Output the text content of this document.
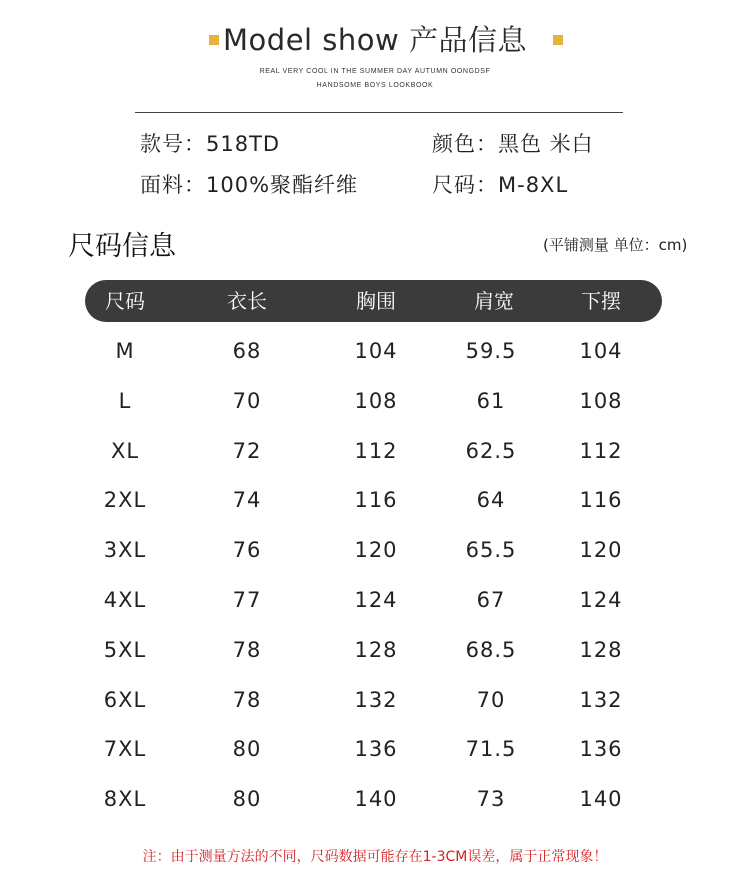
Model show 产品信息
REAL VERY COOL IN THE SUMMER DAY AUTUMN OONGDSF
HANDSOME BOYS LOOKBOOK
款号：518TD	颜色：黑色 米白
面料：100%聚酯纤维	尺码：M-8XL
尺码信息	(平铺测量 单位：cm)
尺码	衣长	胸围	肩宽	下摆
M	68	104	59.5	104
L	70	108	61	108
XL	72	112	62.5	112
2XL	74	116	64	116
3XL	76	120	65.5	120
4XL	77	124	67	124
5XL	78	128	68.5	128
6XL	78	132	70	132
7XL	80	136	71.5	136
8XL	80	140	73	140
注：由于测量方法的不同，尺码数据可能存在1-3CM误差，属于正常现象！
